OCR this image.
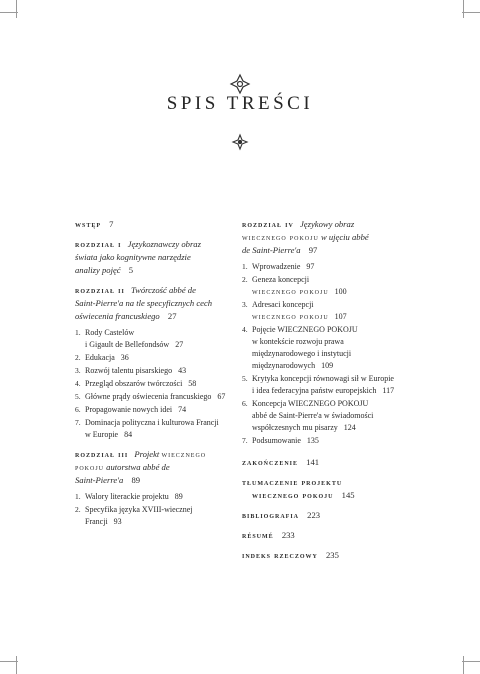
SPIS TREŚCI
wstęp 7
rozdział i Językoznawczy obraz
świata jako kognitywne narzędzie
analizy pojęć 5
rozdział ii Twórczość abbé de
Saint-Pierre'a na tle specyficznych cech
oświecenia francuskiego 27
1. Rody Castelów
i Gigault de Bellefondsów 27
2. Edukacja 36
3. Rozwój talentu pisarskiego 43
4. Przegląd obszarów twórczości 58
5. Główne prądy oświecenia francuskiego 67
6. Propagowanie nowych idei 74
7. Dominacja polityczna i kulturowa Francji
w Europie 84
rozdział iii Projekt wiecznego
pokoju autorstwa abbé de
Saint-Pierre'a 89
1. Walory literackie projektu 89
2. Specyfika języka XVIII-wiecznej
Francji 93
rozdział iv Językowy obraz
wiecznego pokoju w ujęciu abbé
de Saint-Pierre'a 97
1. Wprowadzenie 97
2. Geneza koncepcji
wiecznego pokoju 100
3. Adresaci koncepcji
wiecznego pokoju 107
4. Pojęcie WIECZNEGO POKOJU
w kontekście rozwoju prawa
międzynarodowego i instytucji
międzynarodowych 109
5. Krytyka koncepcji równowagi sił w Europie
i idea federacyjna państw europejskich 117
6. Koncepcja WIECZNEGO POKOJU
abbé de Saint-Pierre'a w świadomości
współczesnych mu pisarzy 124
7. Podsumowanie 135
zakończenie 141
tłumaczenie projektu
wiecznego pokoju 145
bibliografia 223
résumé 233
indeks rzeczowy 235
